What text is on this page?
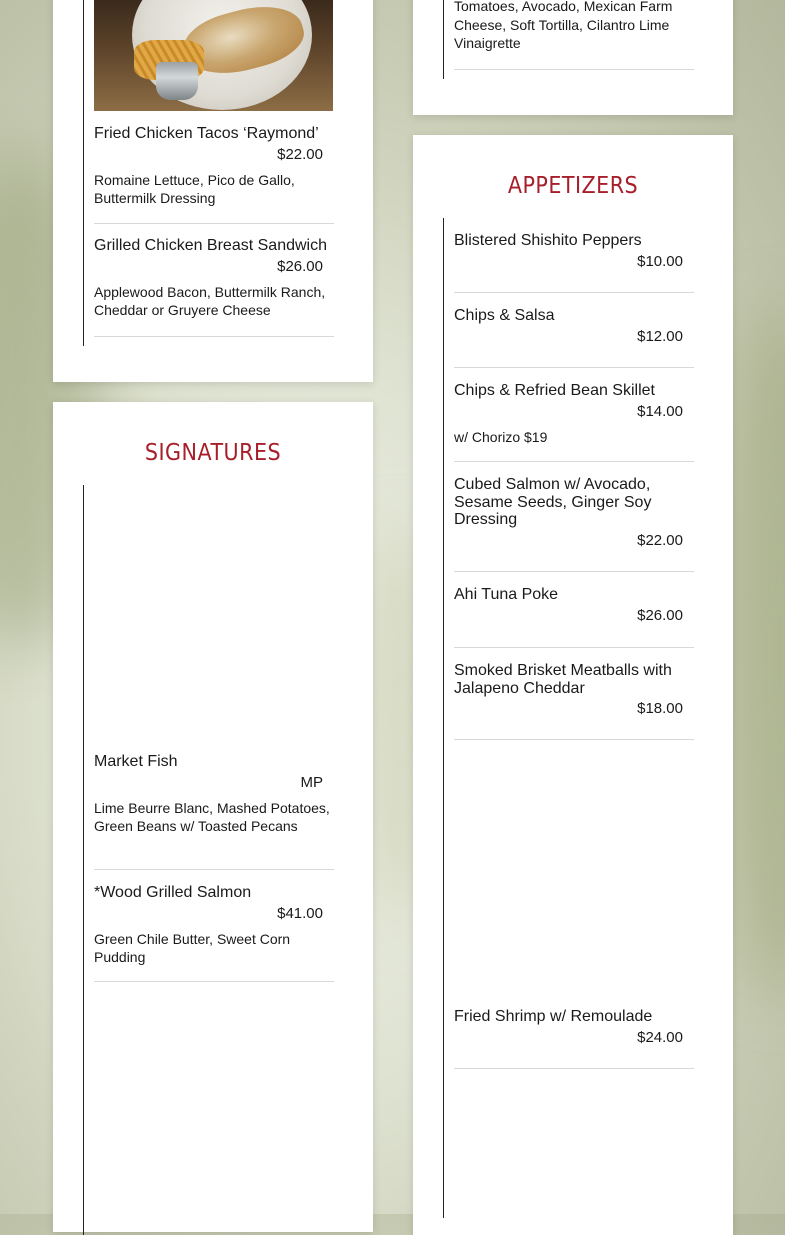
Fried Chicken Tacos ‘Raymond’
$22.00
Romaine Lettuce, Pico de Gallo, Buttermilk Dressing
Grilled Chicken Breast Sandwich
$26.00
Applewood Bacon, Buttermilk Ranch, Cheddar or Gruyere Cheese
SIGNATURES
Market Fish
MP
Lime Beurre Blanc, Mashed Potatoes, Green Beans w/ Toasted Pecans
*Wood Grilled Salmon
$41.00
Green Chile Butter, Sweet Corn Pudding
Tomatoes, Avocado, Mexican Farm Cheese, Soft Tortilla, Cilantro Lime Vinaigrette
APPETIZERS
Blistered Shishito Peppers
$10.00
Chips & Salsa
$12.00
Chips & Refried Bean Skillet
$14.00
w/ Chorizo $19
Cubed Salmon w/ Avocado, Sesame Seeds, Ginger Soy Dressing
$22.00
Ahi Tuna Poke
$26.00
Smoked Brisket Meatballs with Jalapeno Cheddar
$18.00
Fried Shrimp w/ Remoulade
$24.00
